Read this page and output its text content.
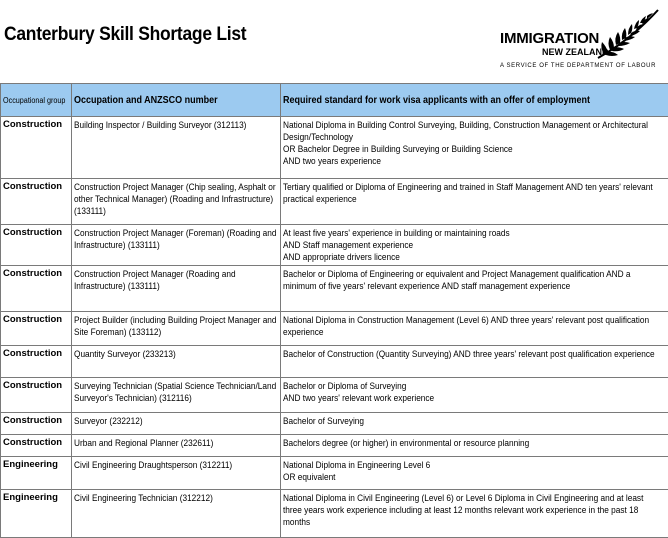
Canterbury Skill Shortage List	IMMIGRATION
NEW ZEALAND
A SERVICE OF THE DEPARTMENT OF LABOUR
Occupational group	Occupation and ANZSCO number	Required standard for work visa applicants with an offer of employment
Construction	Building Inspector / Building Surveyor (312113)	National Diploma in Building Control Surveying, Building, Construction Management or Architectural Design/Technology
OR Bachelor Degree in Building Surveying or Building Science
AND two years experience

Construction	Construction Project Manager (Chip sealing, Asphalt or other Technical Manager) (Roading and Infrastructure) (133111)	Tertiary qualified or Diploma of Engineering and trained in Staff Management AND ten years' relevant practical experience

Construction	Construction Project Manager (Foreman) (Roading and Infrastructure) (133111)	At least five years' experience in building or maintaining roads
AND Staff management experience
AND appropriate drivers licence

Construction	Construction Project Manager (Roading and Infrastructure) (133111)	Bachelor or Diploma of Engineering or equivalent and Project Management qualification AND a minimum of five years' relevant experience AND staff management experience

Construction	Project Builder (including Building Project Manager and Site Foreman) (133112)	National Diploma in Construction Management (Level 6) AND three years' relevant post qualification experience

Construction	Quantity Surveyor (233213)	Bachelor of Construction (Quantity Surveying) AND three years' relevant post qualification experience

Construction	Surveying Technician (Spatial Science Technician/Land Surveyor's Technician) (312116)	Bachelor or Diploma of Surveying
AND two years' relevant work experience

Construction	Surveyor (232212)	Bachelor of Surveying

Construction	Urban and Regional Planner (232611)	Bachelors degree (or higher) in environmental or resource planning

Engineering	Civil Engineering Draughtsperson (312211)	National Diploma in Engineering Level 6
OR equivalent

Engineering	Civil Engineering Technician (312212)	National Diploma in Civil Engineering (Level 6) or Level 6 Diploma in Civil Engineering and at least three years work experience including at least 12 months relevant work experience in the past 18 months
